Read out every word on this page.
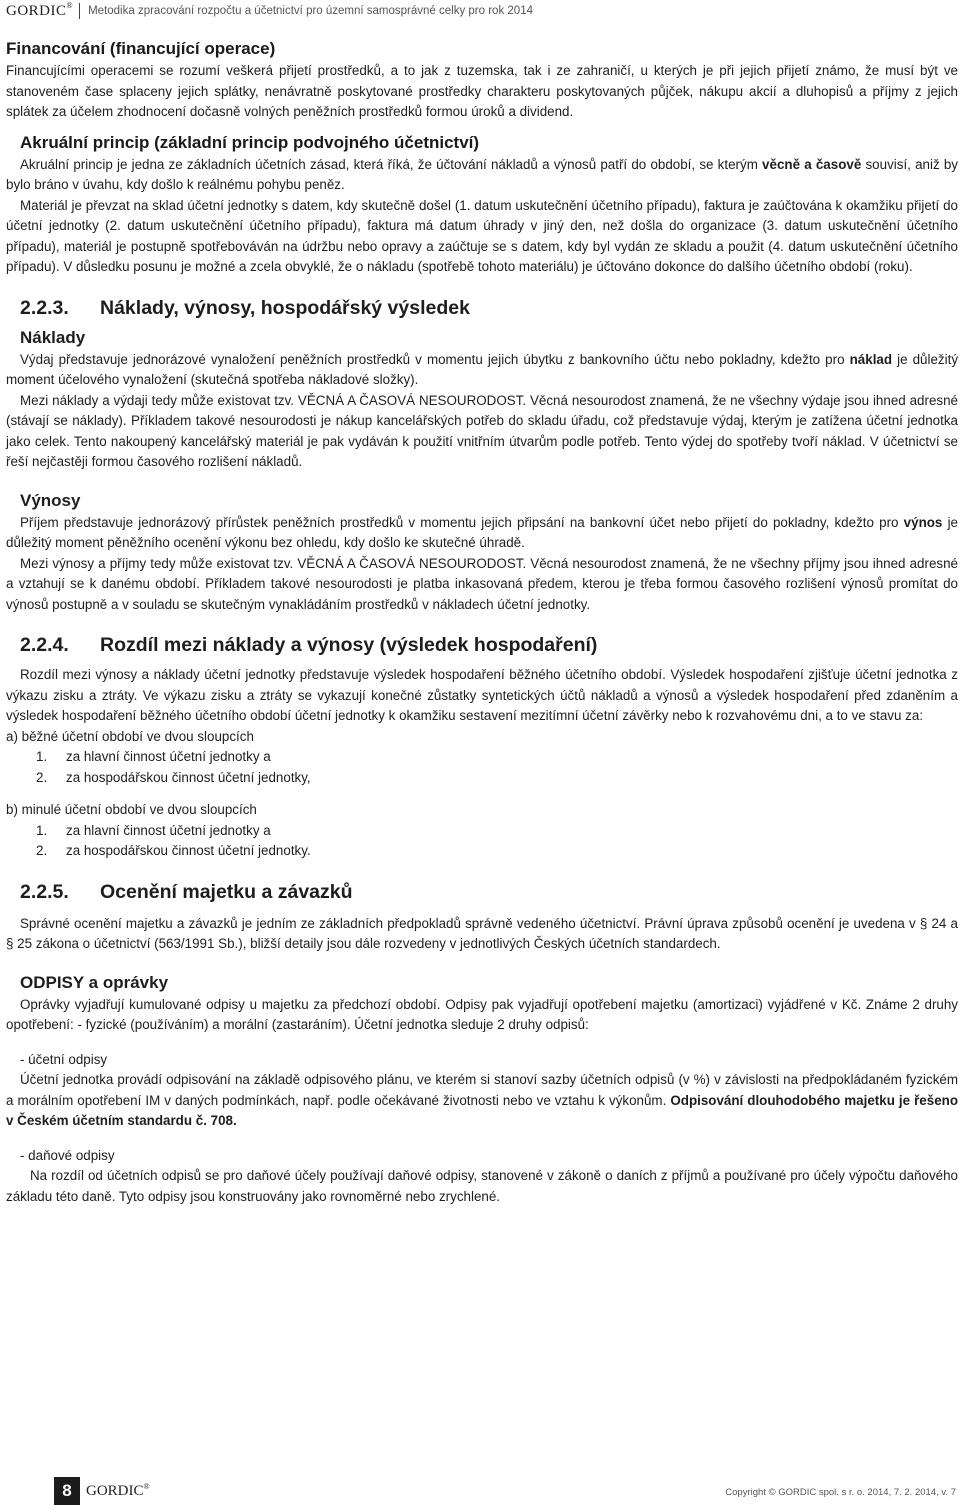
GORDIC® Metodika zpracování rozpočtu a účetnictví pro územní samosprávné celky pro rok 2014
Financování (financující operace)

Financujícími operacemi se rozumí veškerá přijetí prostředků, a to jak z tuzemska, tak i ze zahraničí, u kterých je při jejich přijetí známo, že musí být ve stanoveném čase splaceny jejich splátky, nenávratně poskytované prostředky charakteru poskytovaných půjček, nákupu akcií a dluhopisů a příjmy z jejich splátek za účelem zhodnocení dočasně volných peněžních prostředků formou úroků a dividend.

Akruální princip (základní princip podvojného účetnictví)

Akruální princip je jedna ze základních účetních zásad, která říká, že účtování nákladů a výnosů patří do období, se kterým věcně a časově souvisí, aniž by bylo bráno v úvahu, kdy došlo k reálnému pohybu peněz.

Materiál je převzat na sklad účetní jednotky s datem, kdy skutečně došel (1. datum uskutečnění účetního případu), faktura je zaúčtována k okamžiku přijetí do účetní jednotky (2. datum uskutečnění účetního případu), faktura má datum úhrady v jiný den, než došla do organizace (3. datum uskutečnění účetního případu), materiál je postupně spotřebováván na údržbu nebo opravy a zaúčtuje se s datem, kdy byl vydán ze skladu a použit (4. datum uskutečnění účetního případu). V důsledku posunu je možné a zcela obvyklé, že o nákladu (spotřebě tohoto materiálu) je účtováno dokonce do dalšího účetního období (roku).

2.2.3.	Náklady, výnosy, hospodářský výsledek
Náklady

Výdaj představuje jednorázové vynaložení peněžních prostředků v momentu jejich úbytku z bankovního účtu nebo pokladny, kdežto pro náklad je důležitý moment účelového vynaložení (skutečná spotřeba nákladové složky).

Mezi náklady a výdaji tedy může existovat tzv. VĚCNÁ A ČASOVÁ NESOURODOST. Věcná nesourodost znamená, že ne všechny výdaje jsou ihned adresné (stávají se náklady). Příkladem takové nesourodosti je nákup kancelářských potřeb do skladu úřadu, což představuje výdaj, kterým je zatížena účetní jednotka jako celek. Tento nakoupený kancelářský materiál je pak vydáván k použití vnitřním útvarům podle potřeb. Tento výdej do spotřeby tvoří náklad. V účetnictví se řeší nejčastěji formou časového rozlišení nákladů.

Výnosy

Příjem představuje jednorázový přírůstek peněžních prostředků v momentu jejich připsání na bankovní účet nebo přijetí do pokladny, kdežto pro výnos je důležitý moment pěněžního ocenění výkonu bez ohledu, kdy došlo ke skutečné úhradě.

Mezi výnosy a příjmy tedy může existovat tzv. VĚCNÁ A ČASOVÁ NESOURODOST. Věcná nesourodost znamená, že ne všechny příjmy jsou ihned adresné a vztahují se k danému období. Příkladem takové nesourodosti je platba inkasovaná předem, kterou je třeba formou časového rozlišení výnosů promítat do výnosů postupně a v souladu se skutečným vynakládáním prostředků v nákladech účetní jednotky.

2.2.4.	Rozdíl mezi náklady a výnosy (výsledek hospodaření)

Rozdíl mezi výnosy a náklady účetní jednotky představuje výsledek hospodaření běžného účetního období. Výsledek hospodaření zjišťuje účetní jednotka z výkazu zisku a ztráty. Ve výkazu zisku a ztráty se vykazují konečné zůstatky syntetických účtů nákladů a výnosů a výsledek hospodaření před zdaněním a výsledek hospodaření běžného účetního období účetní jednotky k okamžiku sestavení mezitímní účetní závěrky nebo k rozvahovému dni, a to ve stavu za:

a) běžné účetní období ve dvou sloupcích
1.	za hlavní činnost účetní jednotky a
2.	za hospodářskou činnost účetní jednotky,
b) minulé účetní období ve dvou sloupcích
1.	za hlavní činnost účetní jednotky a
2.	za hospodářskou činnost účetní jednotky.
2.2.5.	Ocenění majetku a závazků

Správné ocenění majetku a závazků je jedním ze základních předpokladů správně vedeného účetnictví. Právní úprava způsobů ocenění je uvedena v § 24 a § 25 zákona o účetnictví (563/1991 Sb.), bližší detaily jsou dále rozvedeny v jednotlivých Českých účetních standardech.

ODPISY a oprávky

Oprávky vyjadřují kumulované odpisy u majetku za předchozí období. Odpisy pak vyjadřují opotřebení majetku (amortizaci) vyjádřené v Kč. Známe 2 druhy opotřebení: - fyzické (používáním) a morální (zastaráním). Účetní jednotka sleduje 2 druhy odpisů:

- účetní odpisy

Účetní jednotka provádí odpisování na základě odpisového plánu, ve kterém si stanoví sazby účetních odpisů (v %) v závislosti na předpokládaném fyzickém a morálním opotřebení IM v daných podmínkách, např. podle očekávané životnosti nebo ve vztahu k výkonům. Odpisování dlouhodobého majetku je řešeno v Českém účetním standardu č. 708.

- daňové odpisy

Na rozdíl od účetních odpisů se pro daňové účely používají daňové odpisy, stanovené v zákoně o daních z příjmů a používané pro účely výpočtu daňového základu této daně. Tyto odpisy jsou konstruovány jako rovnoměrné nebo zrychlené.

8 GORDIC®
Copyright © GORDIC spol. s r. o. 2014, 7. 2. 2014, v. 7
